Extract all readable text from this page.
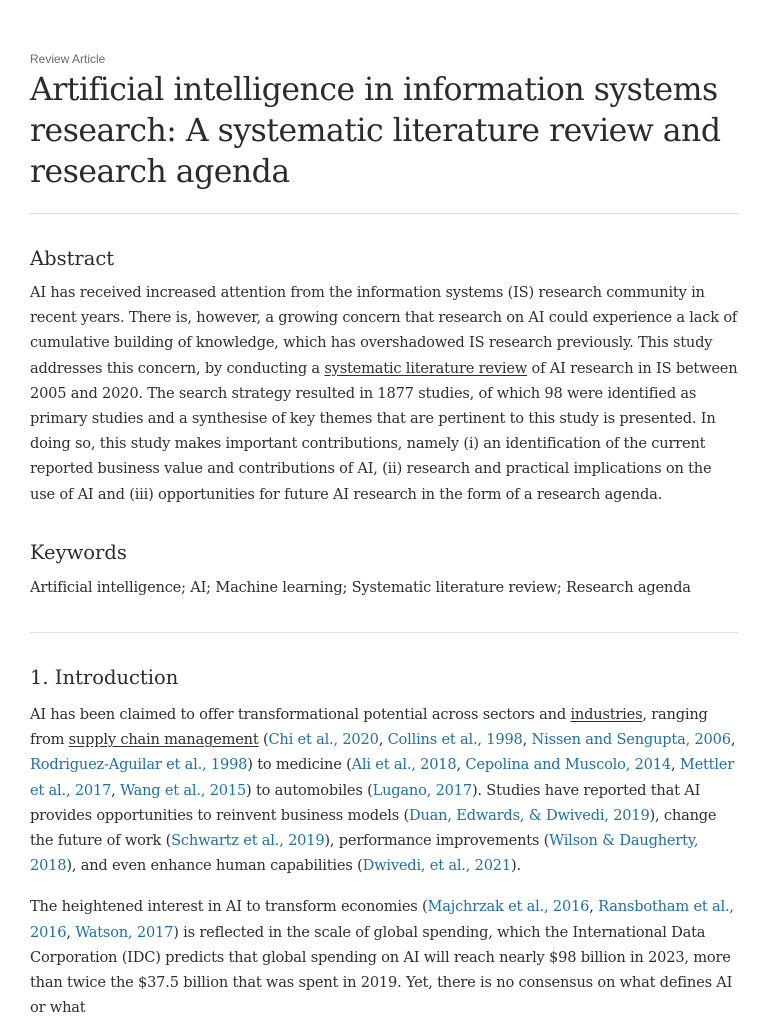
Review Article
Artificial intelligence in information systems research: A systematic literature review and research agenda
Abstract

AI has received increased attention from the information systems (IS) research community in recent years. There is, however, a growing concern that research on AI could experience a lack of cumulative building of knowledge, which has overshadowed IS research previously. This study addresses this concern, by conducting a systematic literature review of AI research in IS between 2005 and 2020. The search strategy resulted in 1877 studies, of which 98 were identified as primary studies and a synthesise of key themes that are pertinent to this study is presented. In doing so, this study makes important contributions, namely (i) an identification of the current reported business value and contributions of AI, (ii) research and practical implications on the use of AI and (iii) opportunities for future AI research in the form of a research agenda.

Keywords

Artificial intelligence; AI; Machine learning; Systematic literature review; Research agenda

1. Introduction

AI has been claimed to offer transformational potential across sectors and industries, ranging from supply chain management (Chi et al., 2020, Collins et al., 1998, Nissen and Sengupta, 2006, Rodriguez-Aguilar et al., 1998) to medicine (Ali et al., 2018, Cepolina and Muscolo, 2014, Mettler et al., 2017, Wang et al., 2015) to automobiles (Lugano, 2017). Studies have reported that AI provides opportunities to reinvent business models (Duan, Edwards, & Dwivedi, 2019), change the future of work (Schwartz et al., 2019), performance improvements (Wilson & Daugherty, 2018), and even enhance human capabilities (Dwivedi, et al., 2021).

The heightened interest in AI to transform economies (Majchrzak et al., 2016, Ransbotham et al., 2016, Watson, 2017) is reflected in the scale of global spending, which the International Data Corporation (IDC) predicts that global spending on AI will reach nearly $98 billion in 2023, more than twice the $37.5 billion that was spent in 2019. Yet, there is no consensus on what defines AI or what
